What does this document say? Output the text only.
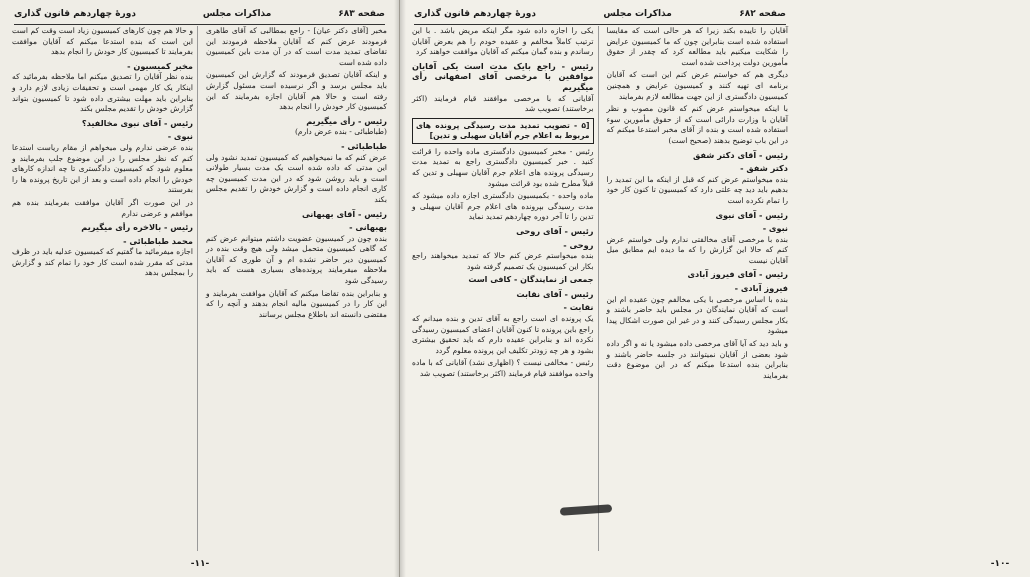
صفحه ۶۸۳
مذاکرات مجلس
دورهٔ چهاردهم قانون گذاری

مخبر [آقای دکتر عیان] - راجع بمطالبی که آقای طاهری فرمودند عرض کنم که آقایان ملاحظه فرمودند این تقاضای تمدید مدت است که در آن مدت باین کمیسیون داده شده است

و اینکه آقایان تصدیق فرمودند که گزارش این کمیسیون باید مجلس برسد و اگر نرسیده است مسئول گزارش رفته است و حالا هم آقایان اجازه بفرمایند که این کمیسیون کار خودش را انجام بدهد

رئیس - رأی میگیریم

(طباطبائی - بنده عرض دارم)

طباطبائی -

عرض کنم که ما نمیخواهیم که کمیسیون تمدید نشود ولی این مدتی که داده شده است یک مدت بسیار طولانی است و باید روشن شود که در این مدت کمیسیون چه کاری انجام داده است و گزارش خودش را تقدیم مجلس بکند

رئیس - آقای بهبهانی
بهبهانی -

بنده چون در کمیسیون عضویت داشتم میتوانم عرض کنم که گاهی کمیسیون متحمل میشد ولی هیچ وقت بنده در کمیسیون دیر حاضر نشده ام و آن طوری که آقایان ملاحظه میفرمایند پرونده‌های بسیاری هست که باید رسیدگی شود

و بنابراین بنده تقاضا میکنم که آقایان موافقت بفرمایند و این کار را در کمیسیون مالیه انجام بدهند و آنچه را که مقتضی دانسته اند باطلاع مجلس برسانند

و حالا هم چون کارهای کمیسیون زیاد است وقت کم است این است که بنده استدعا میکنم که آقایان موافقت بفرمایند تا کمیسیون کار خودش را انجام بدهد

مخبر کمیسیون -

بنده نظر آقایان را تصدیق میکنم اما ملاحظه بفرمائید که اینکار یک کار مهمی است و تحقیقات زیادی لازم دارد و بنابراین باید مهلت بیشتری داده شود تا کمیسیون بتواند گزارش خودش را تقدیم مجلس بکند

رئیس - آقای نبوی مخالفید؟
نبوی -

بنده عرضی ندارم ولی میخواهم از مقام ریاست استدعا کنم که نظر مجلس را در این موضوع جلب بفرمایند و معلوم شود که کمیسیون دادگستری تا چه اندازه کارهای خودش را انجام داده است و بعد از این تاریخ پرونده ها را بفرستند

در این صورت اگر آقایان موافقت بفرمایند بنده هم موافقم و عرضی ندارم

رئیس - بالاخره رأی میگیریم
محمد طباطبائی -

اجازه میفرمائید ما گفتیم که کمیسیون عدلیه باید در ظرف مدتی که مقرر شده است کار خود را تمام کند و گزارش را بمجلس بدهد

-۱۱-
صفحه ۶۸۲
مذاکرات مجلس
دورهٔ چهاردهم قانون گذاری

آقایان را تاییده بکند زیرا که هر حالی است که مقایسا استفاده شده است بنابراین چون که ما کمیسیون عرایض را شکایت میکنیم باید مطالعه کرد که چقدر از حقوق مأمورین دولت پرداخت شده است

دیگری هم که خواستم عرض کنم این است که آقایان برنامه ای تهیه کنند و کمیسیون عرایض و همچنین کمیسیون دادگستری از این جهت مطالعه لازم بفرمایند

با اینکه میخواستم عرض کنم که قانون مصوب و نظر آقایان با وزارت دارائی است که از حقوق مأمورین سوء استفاده شده است و بنده از آقای مخبر استدعا میکنم که در این باب توضیح بدهند (صحیح است)

رئیس - آقای دکتر شفق
دکتر شفق -

بنده میخواستم عرض کنم که قبل از اینکه ما این تمدید را بدهیم باید دید چه علتی دارد که کمیسیون تا کنون کار خود را تمام نکرده است

رئیس - آقای نبوی
نبوی -

بنده با مرخصی آقای مخالفتی ندارم ولی خواستم عرض کنم که حالا این گزارش را که ما دیده ایم مطابق میل آقایان نیست

رئیس - آقای فیروز آبادی
فیروز آبادی -

بنده با اساس مرخصی با یکی مخالفم چون عقیده ام این است که آقایان نمایندگان در مجلس باید حاضر باشند و بکار مجلس رسیدگی کنند و در غیر این صورت اشکال پیدا میشود

و باید دید که آیا آقای مرخصی داده میشود یا نه و اگر داده شود بعضی از آقایان نمیتوانند در جلسه حاضر باشند و بنابراین بنده استدعا میکنم که در این موضوع دقت بفرمایند

یکی را اجازه داده شود مگر اینکه مریض باشد . با این ترتیب کاملاً مخالفم و عقیده خودم را هم بعرض آقایان رساندم و بنده گمان میکنم که آقایان موافقت خواهند کرد

رئیس - راجع بایک مدت است یکی آقایان موافقین با مرخصی آقای اصفهانی رأی میگیریم

آقایانی که با مرخصی موافقند قیام فرمایند (اکثر برخاستند) تصویب شد

[۵ - تصویب تمدید مدت رسیدگی پرونده های مربوط به اعلام جرم آقایان سهیلی و تدین]

رئیس - مخبر کمیسیون دادگستری ماده واحده را قرائت کنید . خبر کمیسیون دادگستری راجع به تمدید مدت رسیدگی پرونده های اعلام جرم آقایان سهیلی و تدین که قبلاً مطرح شده بود قرائت میشود

ماده واحده - بکمیسیون دادگستری اجازه داده میشود که مدت رسیدگی بپرونده های اعلام جرم آقایان سهیلی و تدین را تا آخر دوره چهاردهم تمدید نماید

رئیس - آقای روحی
روحی -

بنده میخواستم عرض کنم حالا که تمدید میخواهند راجع بکار این کمیسیون یک تصمیم گرفته شود

جمعی از نمایندگان - کافی است
رئیس - آقای نقابت
نقابت -

یک پرونده ای است راجع به آقای تدین و بنده میدانم که راجع باین پرونده تا کنون آقایان اعضای کمیسیون رسیدگی نکرده اند و بنابراین عقیده دارم که باید تحقیق بیشتری بشود و هر چه زودتر تکلیف این پرونده معلوم گردد

رئیس - مخالفی نیست ؟ (اظهاری نشد) آقایانی که با ماده واحده موافقند قیام فرمایند (اکثر برخاستند) تصویب شد

-۱۰-
